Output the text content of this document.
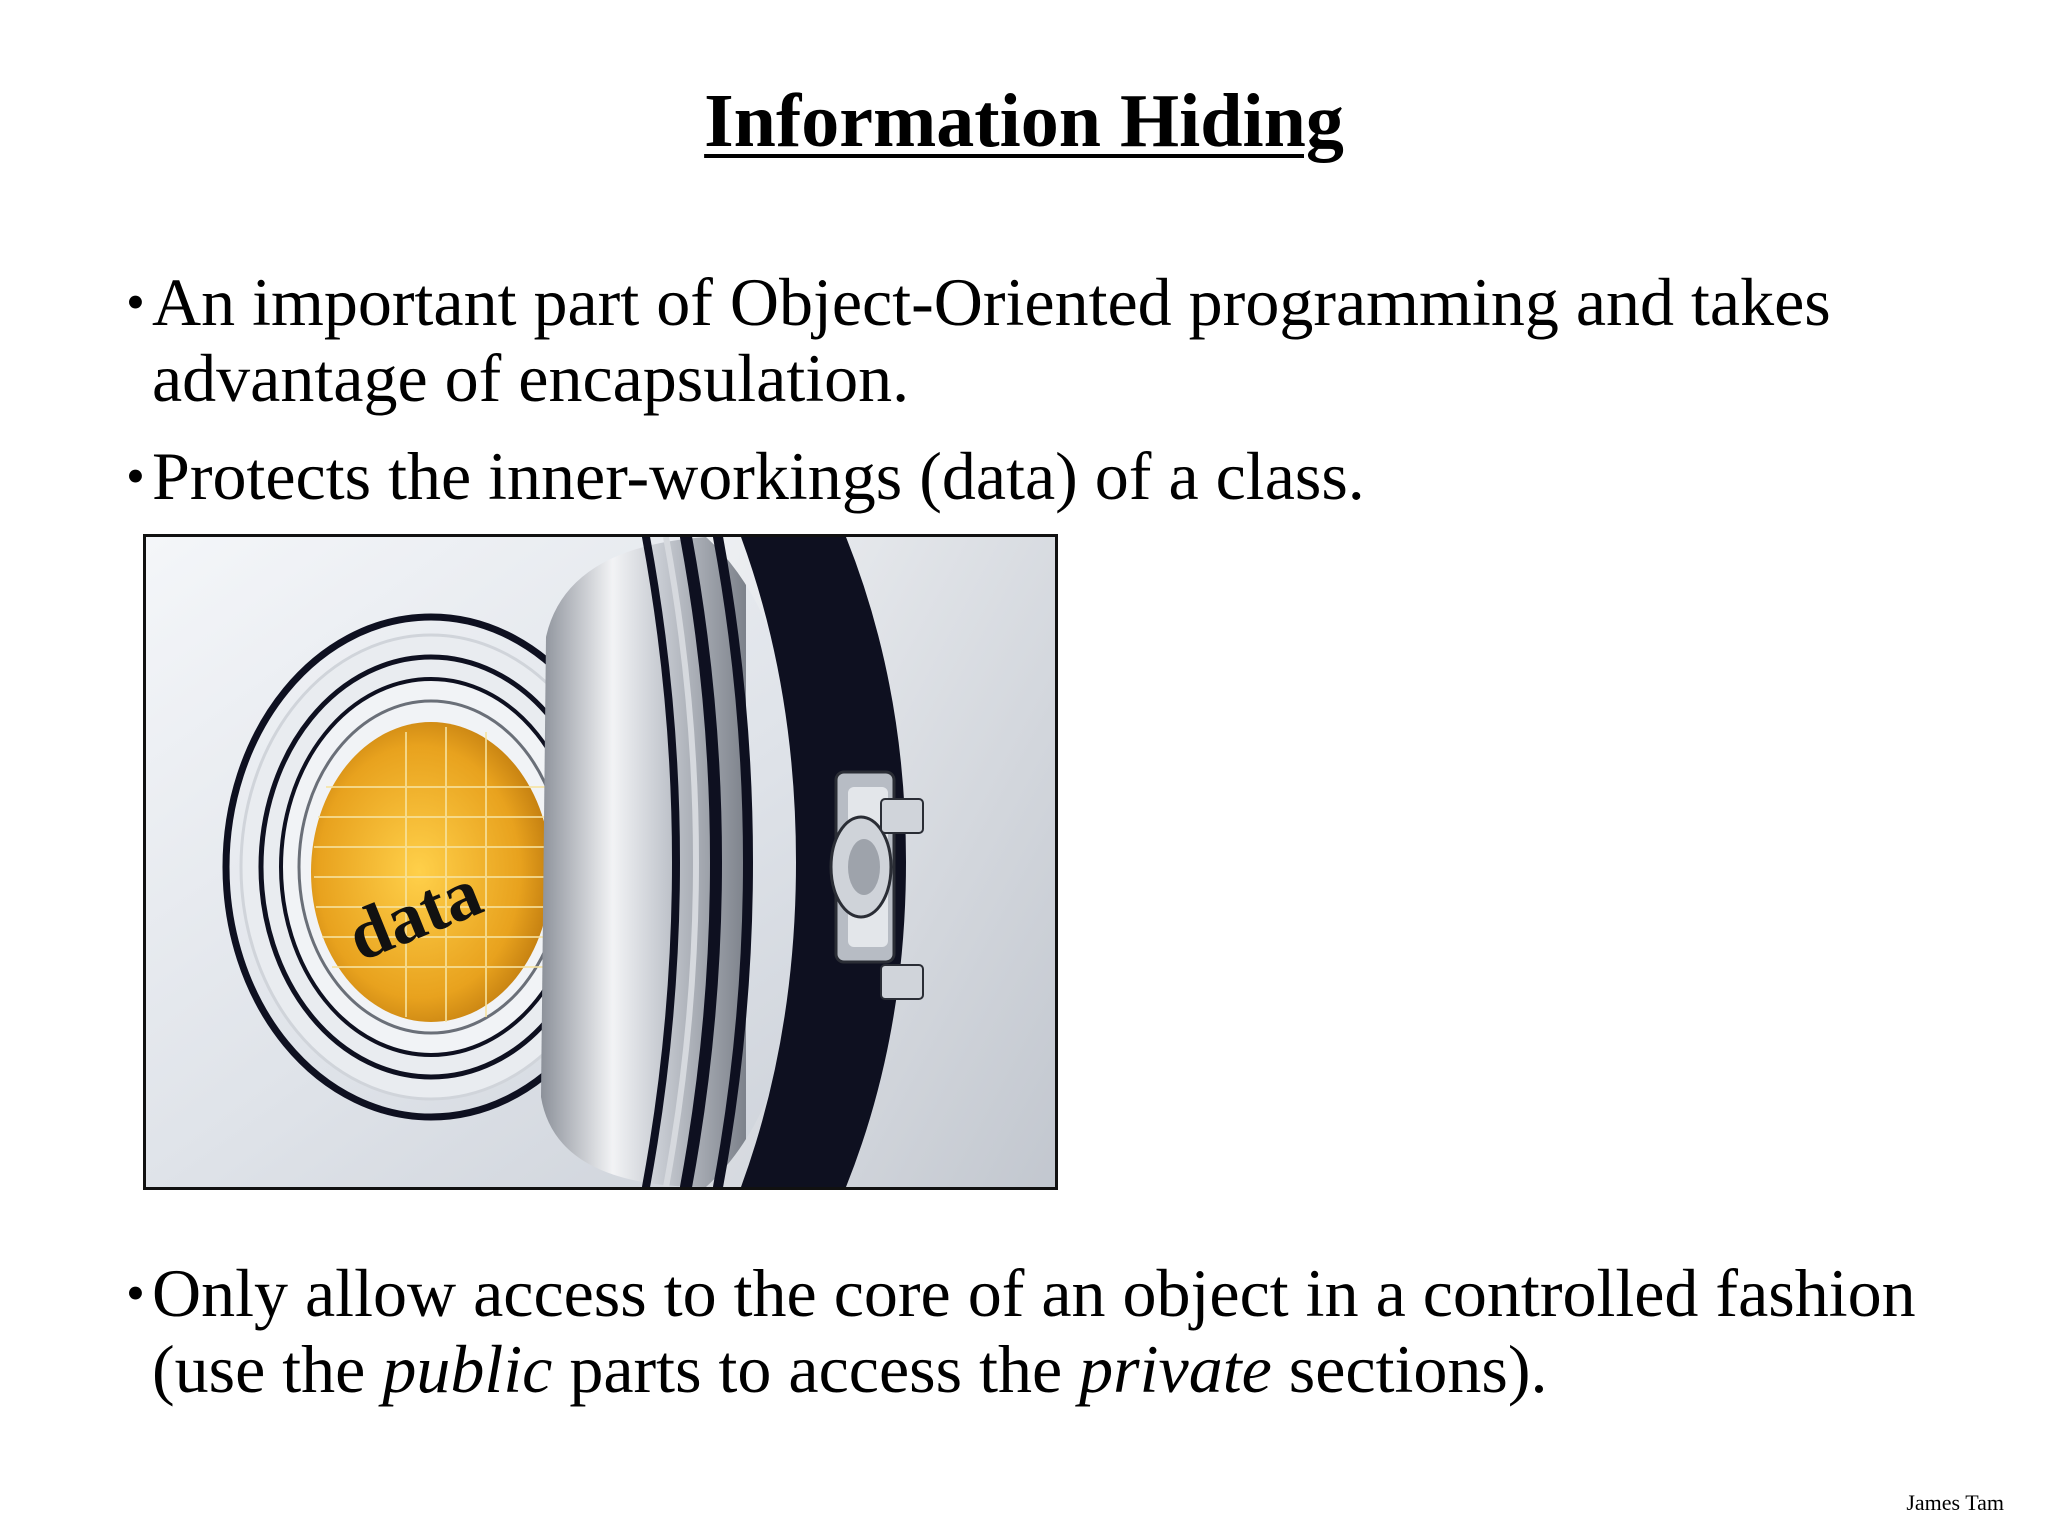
Information Hiding
• An important part of Object-Oriented programming and takes advantage of encapsulation.
• Protects the inner-workings (data) of a class.
data
• Only allow access to the core of an object in a controlled fashion (use the public parts to access the private sections).
James Tam
